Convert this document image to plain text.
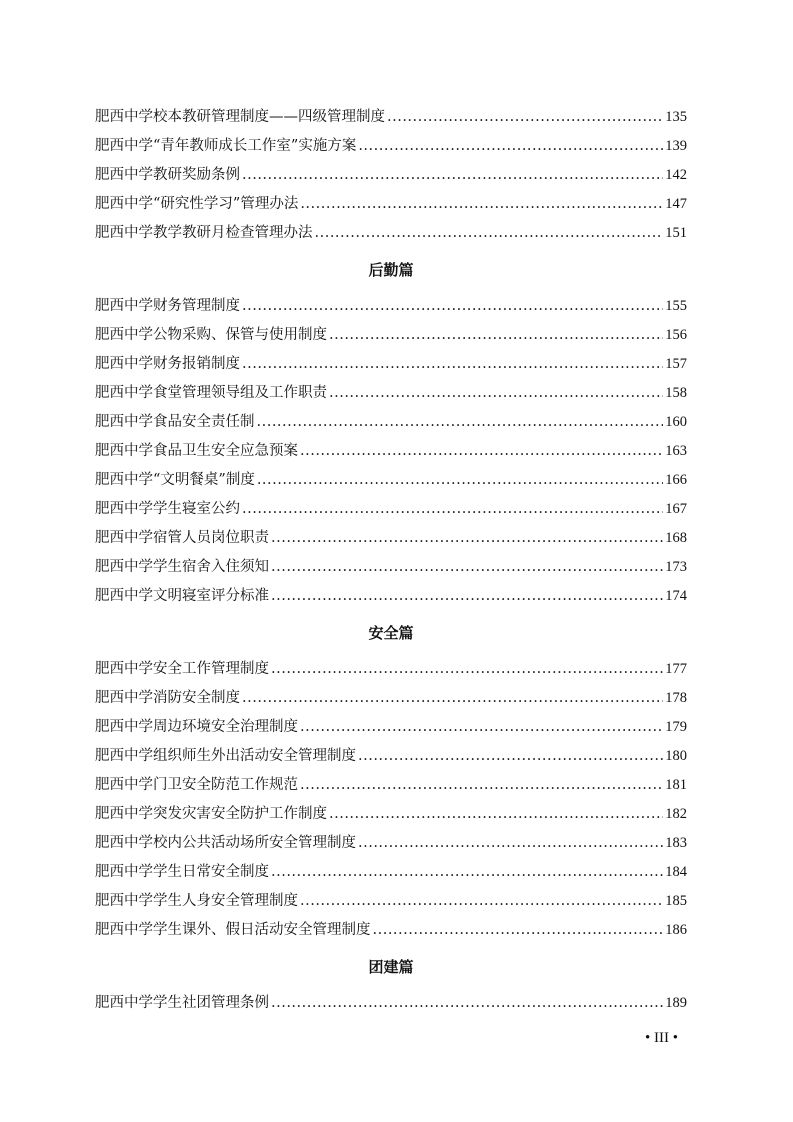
肥西中学校本教研管理制度——四级管理制度 .....	135
肥西中学“青年教师成长工作室”实施方案 .....	139
肥西中学教研奖励条例 .....	142
肥西中学“研究性学习”管理办法 .....	147
肥西中学教学教研月检查管理办法 .....	151
后勤篇
肥西中学财务管理制度 .....	155
肥西中学公物采购、保管与使用制度 .....	156
肥西中学财务报销制度 .....	157
肥西中学食堂管理领导组及工作职责 .....	158
肥西中学食品安全责任制 .....	160
肥西中学食品卫生安全应急预案 .....	163
肥西中学“文明餐桌”制度 .....	166
肥西中学学生寝室公约 .....	167
肥西中学宿管人员岗位职责 .....	168
肥西中学学生宿舍入住须知 .....	173
肥西中学文明寝室评分标准 .....	174
安全篇
肥西中学安全工作管理制度 .....	177
肥西中学消防安全制度 .....	178
肥西中学周边环境安全治理制度 .....	179
肥西中学组织师生外出活动安全管理制度 .....	180
肥西中学门卫安全防范工作规范 .....	181
肥西中学突发灾害安全防护工作制度 .....	182
肥西中学校内公共活动场所安全管理制度 .....	183
肥西中学学生日常安全制度 .....	184
肥西中学学生人身安全管理制度 .....	185
肥西中学学生课外、假日活动安全管理制度 .....	186
团建篇
肥西中学学生社团管理条例 .....	189
• III •
